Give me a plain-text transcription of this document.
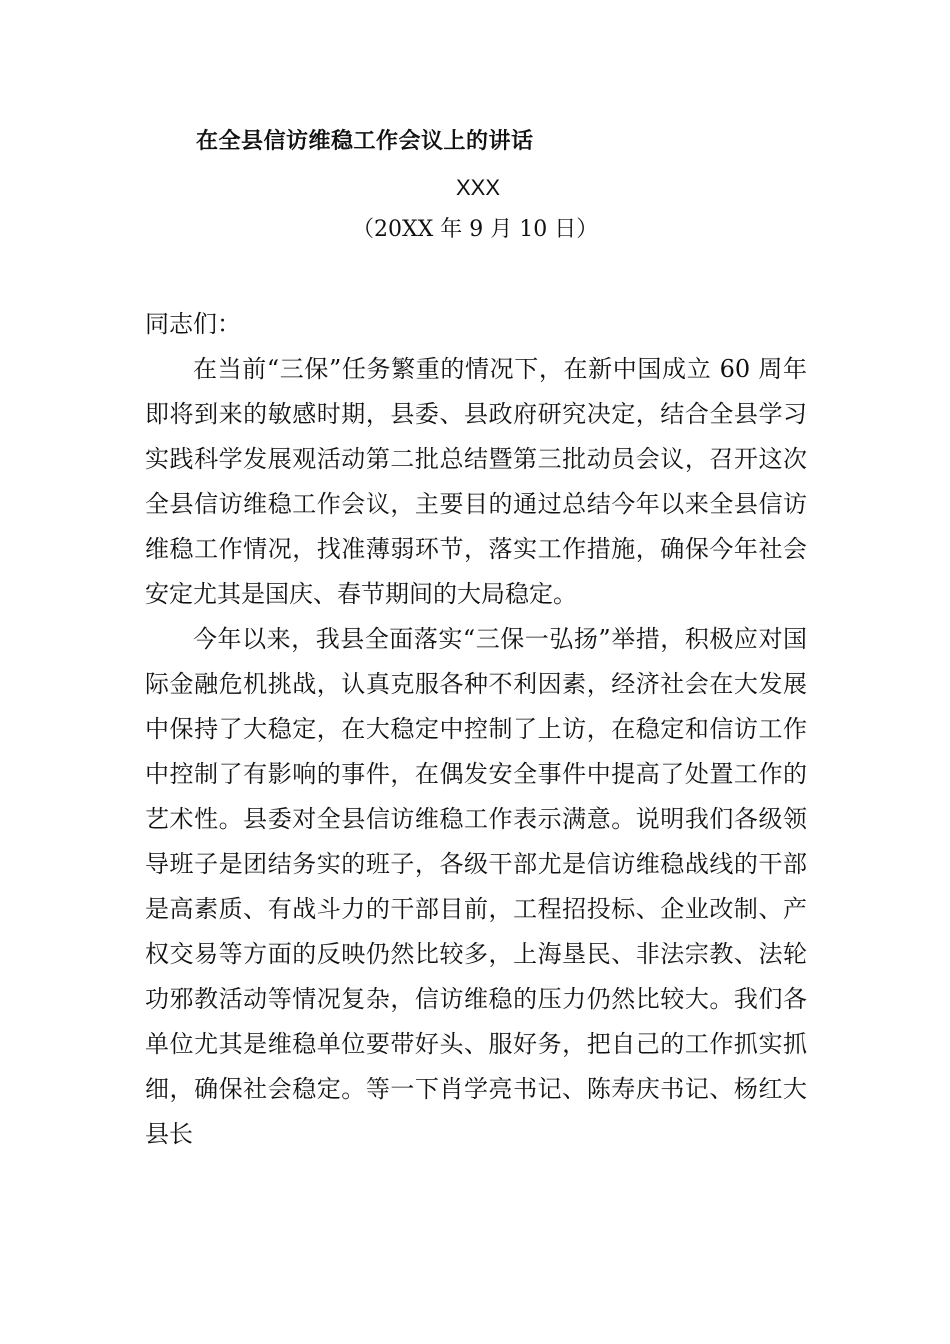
在全县信访维稳工作会议上的讲话
XXX
（20XX 年 9 月 10 日）

同志们：

在当前“三保”任务繁重的情况下，在新中国成立 60 周年即将到来的敏感时期，县委、县政府研究决定，结合全县学习实践科学发展观活动第二批总结暨第三批动员会议，召开这次全县信访维稳工作会议，主要目的通过总结今年以来全县信访维稳工作情况，找准薄弱环节，落实工作措施，确保今年社会安定尤其是国庆、春节期间的大局稳定。

今年以来，我县全面落实“三保一弘扬”举措，积极应对国际金融危机挑战，认真克服各种不利因素，经济社会在大发展中保持了大稳定，在大稳定中控制了上访，在稳定和信访工作中控制了有影响的事件，在偶发安全事件中提高了处置工作的艺术性。县委对全县信访维稳工作表示满意。说明我们各级领导班子是团结务实的班子，各级干部尤是信访维稳战线的干部是高素质、有战斗力的干部目前，工程招投标、企业改制、产权交易等方面的反映仍然比较多，上海垦民、非法宗教、法轮功邪教活动等情况复杂，信访维稳的压力仍然比较大。我们各单位尤其是维稳单位要带好头、服好务，把自己的工作抓实抓细，确保社会稳定。等一下肖学亮书记、陈寿庆书记、杨红大县长
